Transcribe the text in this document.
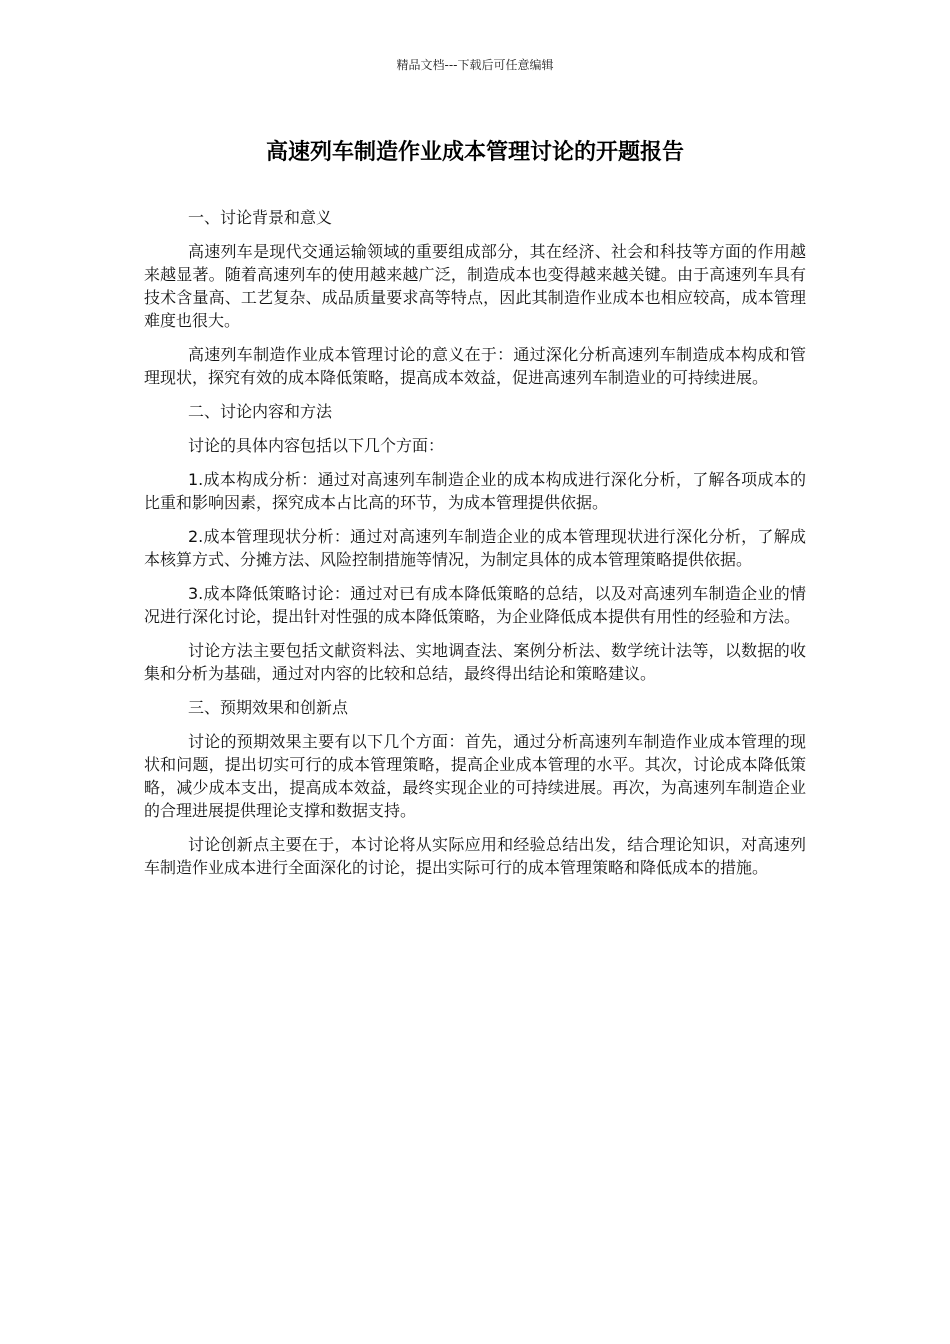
精品文档---下载后可任意编辑
高速列车制造作业成本管理讨论的开题报告

一、讨论背景和意义

高速列车是现代交通运输领域的重要组成部分，其在经济、社会和科技等方面的作用越来越显著。随着高速列车的使用越来越广泛，制造成本也变得越来越关键。由于高速列车具有技术含量高、工艺复杂、成品质量要求高等特点，因此其制造作业成本也相应较高，成本管理难度也很大。

高速列车制造作业成本管理讨论的意义在于：通过深化分析高速列车制造成本构成和管理现状，探究有效的成本降低策略，提高成本效益，促进高速列车制造业的可持续进展。

二、讨论内容和方法

讨论的具体内容包括以下几个方面：

1.成本构成分析：通过对高速列车制造企业的成本构成进行深化分析，了解各项成本的比重和影响因素，探究成本占比高的环节，为成本管理提供依据。

2.成本管理现状分析：通过对高速列车制造企业的成本管理现状进行深化分析，了解成本核算方式、分摊方法、风险控制措施等情况，为制定具体的成本管理策略提供依据。

3.成本降低策略讨论：通过对已有成本降低策略的总结，以及对高速列车制造企业的情况进行深化讨论，提出针对性强的成本降低策略，为企业降低成本提供有用性的经验和方法。

讨论方法主要包括文献资料法、实地调查法、案例分析法、数学统计法等，以数据的收集和分析为基础，通过对内容的比较和总结，最终得出结论和策略建议。

三、预期效果和创新点

讨论的预期效果主要有以下几个方面：首先，通过分析高速列车制造作业成本管理的现状和问题，提出切实可行的成本管理策略，提高企业成本管理的水平。其次，讨论成本降低策略，减少成本支出，提高成本效益，最终实现企业的可持续进展。再次，为高速列车制造企业的合理进展提供理论支撑和数据支持。

讨论创新点主要在于，本讨论将从实际应用和经验总结出发，结合理论知识，对高速列车制造作业成本进行全面深化的讨论，提出实际可行的成本管理策略和降低成本的措施。
